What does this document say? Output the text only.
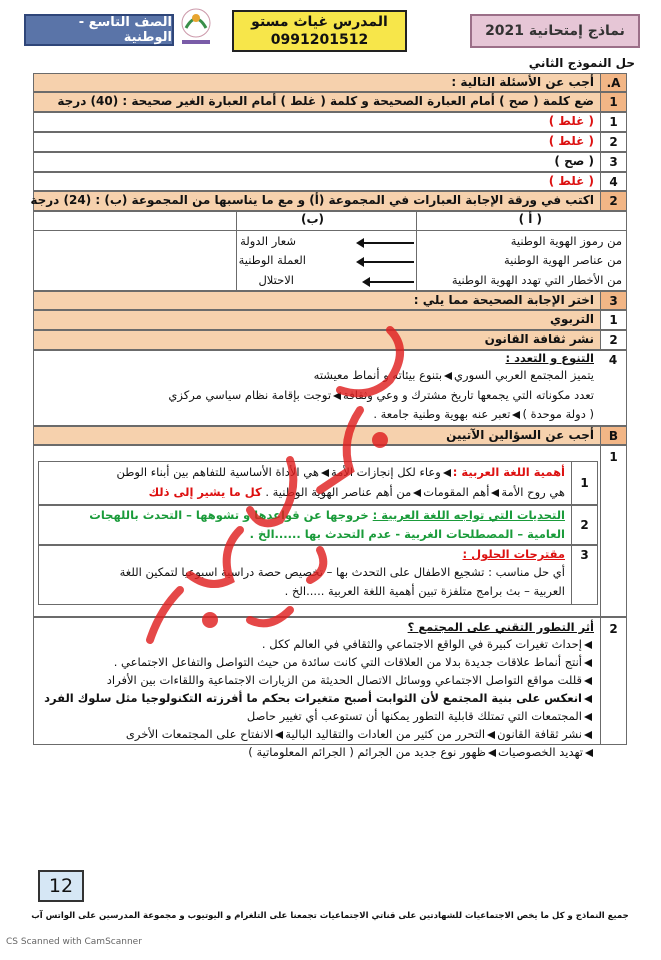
الصف التاسع - الوطنية
المدرس غياث مستو
0991201512
نماذج إمتحانية 2021
حل النموذج الثاني
A.
أجب عن الأسئلة التالية :
1
ضع كلمة ( صح ) أمام العبارة الصحيحة و كلمة ( غلط ) أمام العبارة الغير صحيحة : (40) درجة
1
( غلط )
2
( غلط )
3
( صح )
4
( غلط )
2
اكتب في ورقة الإجابة العبارات في المجموعة (أ) و مع ما يناسبها من المجموعة (ب) : (24) درجة
( أ )
من رموز الهوية الوطنية
من عناصر الهوية الوطنية
من الأخطار التي تهدد الهوية الوطنية
(ب)
شعار الدولة
العملة الوطنية
الاحتلال
3
اختر الإجابة الصحيحة مما يلي :
1
التربوي
2
نشر ثقافة القانون
4
التنوع و التعدد :
يتميز المجتمع العربي السوريبتنوع بيئاته و أنماط معيشته
تعدد مكوناته التي يجمعها تاريخ مشترك و وعي وثقافةتوجت بإقامة نظام سياسي مركزي
( دولة موحدة )تعبر عنه بهوية وطنية جامعة .
B
أجب عن السؤالين الآتيين
1
1
أهمية اللغة العربية :وعاء لكل إنجازات الأمةهي الأداة الأساسية للتفاهم بين أبناء الوطن
هي روح الأمةأهم المقوماتمن أهم عناصر الهوية الوطنية . كل ما يشير إلى ذلك
2
التحديات التي تواجه اللغة العربية : خروجها عن قواعدها و تشوهها – التحدث باللهجات
العامية – المصطلحات الغربية - عدم التحدث بها ......الخ .
3
مقترحات الحلول :
أي حل مناسب : تشجيع الاطفال على التحدث بها – تخصيص حصة دراسية اسبوعيا لتمكين اللغة
العربية – بث برامج متلفزة تبين أهمية اللغة العربية .....الخ .
2
أثر التطور التقني على المجتمع ؟
إحداث تغيرات كبيرة في الواقع الاجتماعي والثقافي في العالم ككل .
أنتج أنماط علاقات جديدة بدلا من العلاقات التي كانت سائدة من حيث التواصل والتفاعل الاجتماعي .
قللت مواقع التواصل الاجتماعي ووسائل الاتصال الحديثة من الزيارات الاجتماعية واللقاءات بين الأفراد
انعكس على بنية المجتمع لأن الثوابت أصبح متغيرات بحكم ما أفرزته التكنولوجيا مثل سلوك الفرد
المجتمعات التي تمتلك قابلية التطور يمكنها أن تستوعب أي تغيير حاصل
نشر ثقافة القانونالتحرر من كثير من العادات والتقاليد الباليةالانفتاح على المجتمعات الأخرى
تهديد الخصوصياتظهور نوع جديد من الجرائم ( الجرائم المعلوماتية )
12
جميع النماذج و كل ما يخص الاجتماعيات للشهادتين على قناتي الاجتماعيات تجمعنا على التلغرام و اليوتيوب و مجموعة المدرسين على الواتس آب
CS Scanned with CamScanner
